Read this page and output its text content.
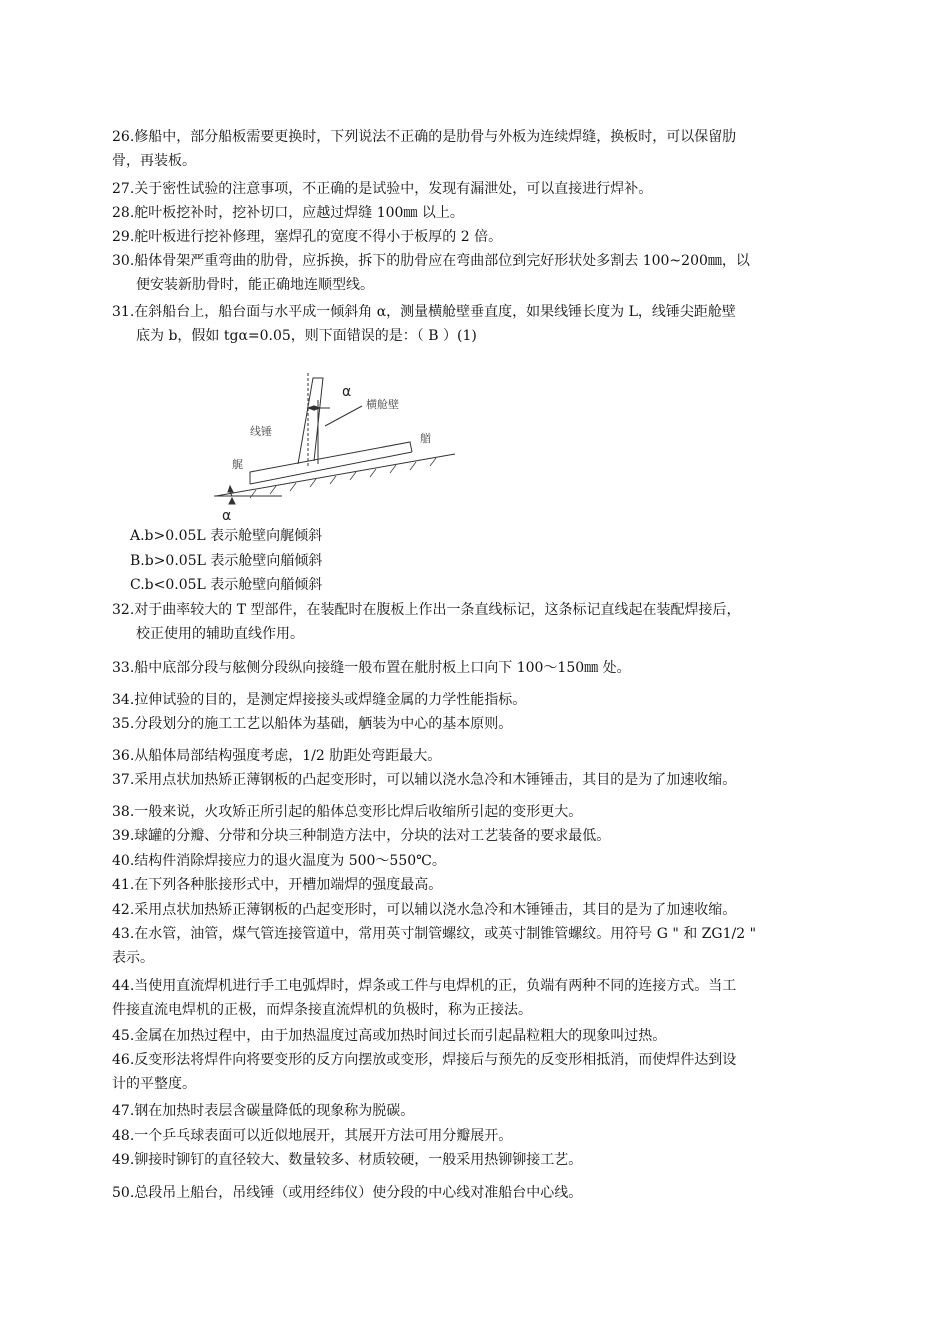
26.修船中，部分船板需要更换时，下列说法不正确的是肋骨与外板为连续焊缝，换板时，可以保留肋
骨，再装板。
27.关于密性试验的注意事项，不正确的是试验中，发现有漏泄处，可以直接进行焊补。
28.舵叶板挖补时，挖补切口，应越过焊缝 100㎜ 以上。
29.舵叶板进行挖补修理，塞焊孔的宽度不得小于板厚的 2 倍。
30.船体骨架严重弯曲的肋骨，应拆换，拆下的肋骨应在弯曲部位到完好形状处多割去 100~200㎜，以
便安装新肋骨时，能正确地连顺型线。
31.在斜船台上，船台面与水平成一倾斜角 α，测量横舱壁垂直度，如果线锤长度为 L，线锤尖距舱壁
底为 b，假如 tgα=0.05，则下面错误的是：（ B ）(1)
α
横舱壁
线锤
艏
艉
α
A.b>0.05L 表示舱壁向艉倾斜
B.b>0.05L 表示舱壁向艏倾斜
C.b<0.05L 表示舱壁向艏倾斜
32.对于曲率较大的 T 型部件，在装配时在腹板上作出一条直线标记，这条标记直线起在装配焊接后，
校正使用的辅助直线作用。
33.船中底部分段与舷侧分段纵向接缝一般布置在舭肘板上口向下 100～150㎜ 处。
34.拉伸试验的目的，是测定焊接接头或焊缝金属的力学性能指标。
35.分段划分的施工工艺以船体为基础，舾装为中心的基本原则。
36.从船体局部结构强度考虑，1/2 肋距处弯距最大。
37.采用点状加热矫正薄钢板的凸起变形时，可以辅以浇水急冷和木锤锤击，其目的是为了加速收缩。
38.一般来说，火攻矫正所引起的船体总变形比焊后收缩所引起的变形更大。
39.球罐的分瓣、分带和分块三种制造方法中，分块的法对工艺装备的要求最低。
40.结构件消除焊接应力的退火温度为 500～550℃。
41.在下列各种胀接形式中，开槽加端焊的强度最高。
42.采用点状加热矫正薄钢板的凸起变形时，可以辅以浇水急冷和木锤锤击，其目的是为了加速收缩。
43.在水管，油管，煤气管连接管道中，常用英寸制管螺纹，或英寸制锥管螺纹。用符号 G " 和 ZG1/2 "
表示。
44.当使用直流焊机进行手工电弧焊时，焊条或工件与电焊机的正，负端有两种不同的连接方式。当工
件接直流电焊机的正极，而焊条接直流焊机的负极时，称为正接法。
45.金属在加热过程中，由于加热温度过高或加热时间过长而引起晶粒粗大的现象叫过热。
46.反变形法将焊件向将要变形的反方向摆放或变形，焊接后与预先的反变形相抵消，而使焊件达到设
计的平整度。
47.钢在加热时表层含碳量降低的现象称为脱碳。
48.一个乒乓球表面可以近似地展开，其展开方法可用分瓣展开。
49.铆接时铆钉的直径较大、数量较多、材质较硬，一般采用热铆铆接工艺。
50.总段吊上船台，吊线锤（或用经纬仪）使分段的中心线对准船台中心线。
